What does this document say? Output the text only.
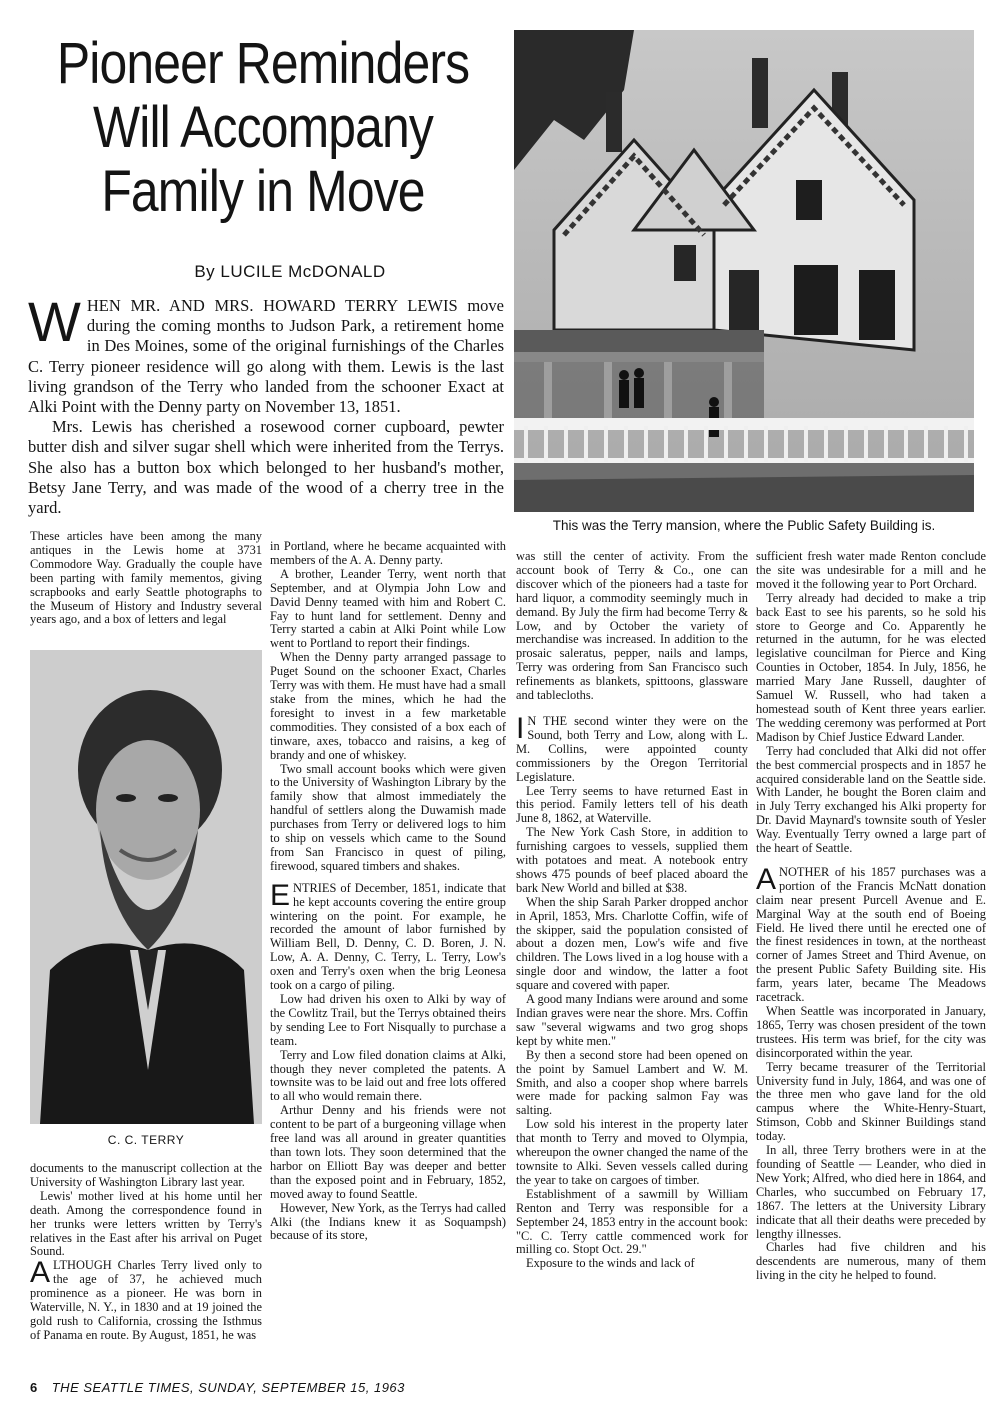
Pioneer Reminders
Will Accompany
Family in Move
By LUCILE McDONALD

WHEN MR. AND MRS. HOWARD TERRY LEWIS move during the coming months to Judson Park, a retirement home in Des Moines, some of the original furnishings of the Charles C. Terry pioneer residence will go along with them. Lewis is the last living grandson of the Terry who landed from the schooner Exact at Alki Point with the Denny party on November 13, 1851.

Mrs. Lewis has cherished a rosewood corner cupboard, pewter butter dish and silver sugar shell which were inherited from the Terrys. She also has a button box which belonged to her husband's mother, Betsy Jane Terry, and was made of the wood of a cherry tree in the yard.

This was the Terry mansion, where the Public Safety Building is.

These articles have been among the many antiques in the Lewis home at 3731 Commodore Way. Gradually the couple have been parting with family mementos, giving scrapbooks and early Seattle photographs to the Museum of History and Industry several years ago, and a box of letters and legal

C. C. TERRY

documents to the manuscript collection at the University of Washington Library last year.

Lewis' mother lived at his home until her death. Among the correspondence found in her trunks were letters written by Terry's relatives in the East after his arrival on Puget Sound.

ALTHOUGH Charles Terry lived only to the age of 37, he achieved much prominence as a pioneer. He was born in Waterville, N. Y., in 1830 and at 19 joined the gold rush to California, crossing the Isthmus of Panama en route. By August, 1851, he was

in Portland, where he became acquainted with members of the A. A. Denny party.

A brother, Leander Terry, went north that September, and at Olympia John Low and David Denny teamed with him and Robert C. Fay to hunt land for settlement. Denny and Terry started a cabin at Alki Point while Low went to Portland to report their findings.

When the Denny party arranged passage to Puget Sound on the schooner Exact, Charles Terry was with them. He must have had a small stake from the mines, which he had the foresight to invest in a few marketable commodities. They consisted of a box each of tinware, axes, tobacco and raisins, a keg of brandy and one of whiskey.

Two small account books which were given to the University of Washington Library by the family show that almost immediately the handful of settlers along the Duwamish made purchases from Terry or delivered logs to him to ship on vessels which came to the Sound from San Francisco in quest of piling, firewood, squared timbers and shakes.

ENTRIES of December, 1851, indicate that he kept accounts covering the entire group wintering on the point. For example, he recorded the amount of labor furnished by William Bell, D. Denny, C. D. Boren, J. N. Low, A. A. Denny, C. Terry, L. Terry, Low's oxen and Terry's oxen when the brig Leonesa took on a cargo of piling.

Low had driven his oxen to Alki by way of the Cowlitz Trail, but the Terrys obtained theirs by sending Lee to Fort Nisqually to purchase a team.

Terry and Low filed donation claims at Alki, though they never completed the patents. A townsite was to be laid out and free lots offered to all who would remain there.

Arthur Denny and his friends were not content to be part of a burgeoning village when free land was all around in greater quantities than town lots. They soon determined that the harbor on Elliott Bay was deeper and better than the exposed point and in February, 1852, moved away to found Seattle.

However, New York, as the Terrys had called Alki (the Indians knew it as Soquampsh) because of its store,

was still the center of activity. From the account book of Terry & Co., one can discover which of the pioneers had a taste for hard liquor, a commodity seemingly much in demand. By July the firm had become Terry & Low, and by October the variety of merchandise was increased. In addition to the prosaic saleratus, pepper, nails and lamps, Terry was ordering from San Francisco such refinements as blankets, spittoons, glassware and tablecloths.

I N THE second winter they were on the Sound, both Terry and Low, along with L. M. Collins, were appointed county commissioners by the Oregon Territorial Legislature.

Lee Terry seems to have returned East in this period. Family letters tell of his death June 8, 1862, at Waterville.

The New York Cash Store, in addition to furnishing cargoes to vessels, supplied them with potatoes and meat. A notebook entry shows 475 pounds of beef placed aboard the bark New World and billed at $38.

When the ship Sarah Parker dropped anchor in April, 1853, Mrs. Charlotte Coffin, wife of the skipper, said the population consisted of about a dozen men, Low's wife and five children. The Lows lived in a log house with a single door and window, the latter a foot square and covered with paper.

A good many Indians were around and some Indian graves were near the shore. Mrs. Coffin saw "several wigwams and two grog shops kept by white men."

By then a second store had been opened on the point by Samuel Lambert and W. M. Smith, and also a cooper shop where barrels were made for packing salmon Fay was salting.

Low sold his interest in the property later that month to Terry and moved to Olympia, whereupon the owner changed the name of the townsite to Alki. Seven vessels called during the year to take on cargoes of timber.

Establishment of a sawmill by William Renton and Terry was responsible for a September 24, 1853 entry in the account book: "C. C. Terry cattle commenced work for milling co. Stopt Oct. 29."

Exposure to the winds and lack of

sufficient fresh water made Renton conclude the site was undesirable for a mill and he moved it the following year to Port Orchard.

Terry already had decided to make a trip back East to see his parents, so he sold his store to George and Co. Apparently he returned in the autumn, for he was elected legislative councilman for Pierce and King Counties in October, 1854. In July, 1856, he married Mary Jane Russell, daughter of Samuel W. Russell, who had taken a homestead south of Kent three years earlier. The wedding ceremony was performed at Port Madison by Chief Justice Edward Lander.

Terry had concluded that Alki did not offer the best commercial prospects and in 1857 he acquired considerable land on the Seattle side. With Lander, he bought the Boren claim and in July Terry exchanged his Alki property for Dr. David Maynard's townsite south of Yesler Way. Eventually Terry owned a large part of the heart of Seattle.

ANOTHER of his 1857 purchases was a portion of the Francis McNatt donation claim near present Purcell Avenue and E. Marginal Way at the south end of Boeing Field. He lived there until he erected one of the finest residences in town, at the northeast corner of James Street and Third Avenue, on the present Public Safety Building site. His farm, years later, became The Meadows racetrack.

When Seattle was incorporated in January, 1865, Terry was chosen president of the town trustees. His term was brief, for the city was disincorporated within the year.

Terry became treasurer of the Territorial University fund in July, 1864, and was one of the three men who gave land for the old campus where the White-Henry-Stuart, Stimson, Cobb and Skinner Buildings stand today.

In all, three Terry brothers were in at the founding of Seattle — Leander, who died in New York; Alfred, who died here in 1864, and Charles, who succumbed on February 17, 1867. The letters at the University Library indicate that all their deaths were preceded by lengthy illnesses.

Charles had five children and his descendents are numerous, many of them living in the city he helped to found.

6 THE SEATTLE TIMES, SUNDAY, SEPTEMBER 15, 1963
